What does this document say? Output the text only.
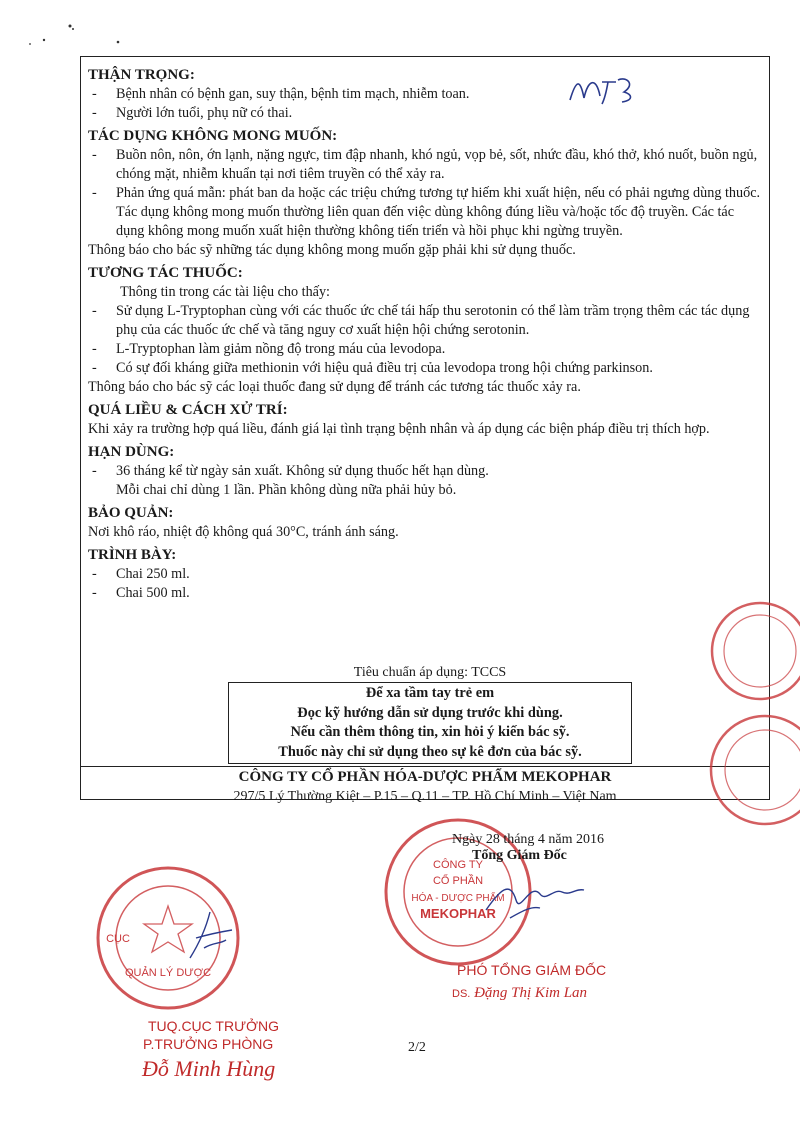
THẬN TRỌNG:
- Bệnh nhân có bệnh gan, suy thận, bệnh tim mạch, nhiễm toan.
- Người lớn tuổi, phụ nữ có thai.
TÁC DỤNG KHÔNG MONG MUỐN:
- Buồn nôn, nôn, ớn lạnh, nặng ngực, tim đập nhanh, khó ngủ, vọp bẻ, sốt, nhức đầu, khó thở, khó nuốt, buồn ngủ, chóng mặt, nhiễm khuẩn tại nơi tiêm truyền có thể xảy ra.
- Phản ứng quá mẫn: phát ban da hoặc các triệu chứng tương tự hiếm khi xuất hiện, nếu có phải ngưng dùng thuốc.
Tác dụng không mong muốn thường liên quan đến việc dùng không đúng liều và/hoặc tốc độ truyền. Các tác dụng không mong muốn xuất hiện thường không tiến triển và hồi phục khi ngừng truyền.
Thông báo cho bác sỹ những tác dụng không mong muốn gặp phải khi sử dụng thuốc.
TƯƠNG TÁC THUỐC:
Thông tin trong các tài liệu cho thấy:
- Sử dụng L-Tryptophan cùng với các thuốc ức chế tái hấp thu serotonin có thể làm trầm trọng thêm các tác dụng phụ của các thuốc ức chế và tăng nguy cơ xuất hiện hội chứng serotonin.
- L-Tryptophan làm giảm nồng độ trong máu của levodopa.
- Có sự đối kháng giữa methionin với hiệu quả điều trị của levodopa trong hội chứng parkinson.
Thông báo cho bác sỹ các loại thuốc đang sử dụng để tránh các tương tác thuốc xảy ra.
QUÁ LIỀU & CÁCH XỬ TRÍ:
Khi xảy ra trường hợp quá liều, đánh giá lại tình trạng bệnh nhân và áp dụng các biện pháp điều trị thích hợp.
HẠN DÙNG:
- 36 tháng kể từ ngày sản xuất. Không sử dụng thuốc hết hạn dùng.
Mỗi chai chỉ dùng 1 lần. Phần không dùng nữa phải hủy bỏ.
BẢO QUẢN:
Nơi khô ráo, nhiệt độ không quá 30°C, tránh ánh sáng.
TRÌNH BÀY:
- Chai 250 ml.
- Chai 500 ml.
Tiêu chuẩn áp dụng: TCCS
Để xa tầm tay trẻ em
Đọc kỹ hướng dẫn sử dụng trước khi dùng.
Nếu cần thêm thông tin, xin hỏi ý kiến bác sỹ.
Thuốc này chỉ sử dụng theo sự kê đơn của bác sỹ.
CÔNG TY CỔ PHẦN HÓA-DƯỢC PHẨM MEKOPHAR
297/5 Lý Thường Kiệt – P.15 – Q.11 – TP. Hồ Chí Minh – Việt Nam
CÔNG TY
CỔ PHẦN
HÓA - DƯỢC PHẨM
MEKOPHAR
Ngày 28 tháng 4 năm 2016
Tổng Giám Đốc
PHÓ TỔNG GIÁM ĐỐC
DS. Đặng Thị Kim Lan
QUẢN LÝ DƯỢC
CỤC
TUQ.CỤC TRƯỞNG
P.TRƯỞNG PHÒNG
Đỗ Minh Hùng
2/2
